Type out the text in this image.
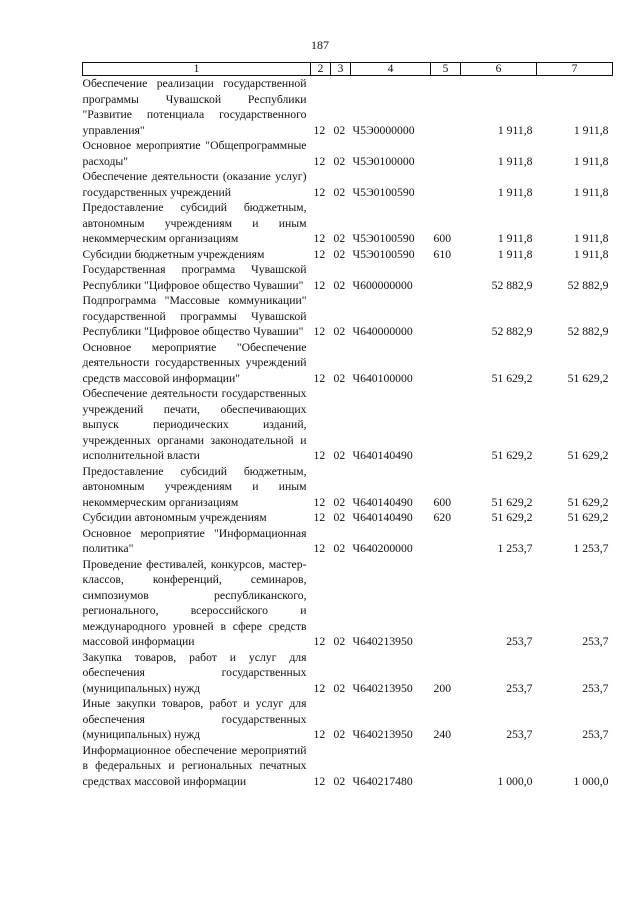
187
1	2	3	4	5	6	7
Обеспечение реализации государственной программы Чувашской Республики "Развитие потенциала государственного управления"	12	02	Ч5Э0000000		1 911,8	1 911,8
Основное мероприятие "Общепрограммные расходы"	12	02	Ч5Э0100000		1 911,8	1 911,8
Обеспечение деятельности (оказание услуг) государственных учреждений	12	02	Ч5Э0100590		1 911,8	1 911,8
Предоставление субсидий бюджетным, автономным учреждениям и иным некоммерческим организациям	12	02	Ч5Э0100590	600	1 911,8	1 911,8
Субсидии бюджетным учреждениям	12	02	Ч5Э0100590	610	1 911,8	1 911,8
Государственная программа Чувашской Республики "Цифровое общество Чувашии"	12	02	Ч600000000		52 882,9	52 882,9
Подпрограмма "Массовые коммуникации" государственной программы Чувашской Республики "Цифровое общество Чувашии"	12	02	Ч640000000		52 882,9	52 882,9
Основное мероприятие "Обеспечение деятельности государственных учреждений средств массовой информации"	12	02	Ч640100000		51 629,2	51 629,2
Обеспечение деятельности государственных учреждений печати, обеспечивающих выпуск периодических изданий, учрежденных органами законодательной и исполнительной власти	12	02	Ч640140490		51 629,2	51 629,2
Предоставление субсидий бюджетным, автономным учреждениям и иным некоммерческим организациям	12	02	Ч640140490	600	51 629,2	51 629,2
Субсидии автономным учреждениям	12	02	Ч640140490	620	51 629,2	51 629,2
Основное мероприятие "Информационная политика"	12	02	Ч640200000		1 253,7	1 253,7
Проведение фестивалей, конкурсов, мастер-классов, конференций, семинаров, симпозиумов республиканского, регионального, всероссийского и международного уровней в сфере средств массовой информации	12	02	Ч640213950		253,7	253,7
Закупка товаров, работ и услуг для обеспечения государственных (муниципальных) нужд	12	02	Ч640213950	200	253,7	253,7
Иные закупки товаров, работ и услуг для обеспечения государственных (муниципальных) нужд	12	02	Ч640213950	240	253,7	253,7
Информационное обеспечение мероприятий в федеральных и региональных печатных средствах массовой информации	12	02	Ч640217480		1 000,0	1 000,0
